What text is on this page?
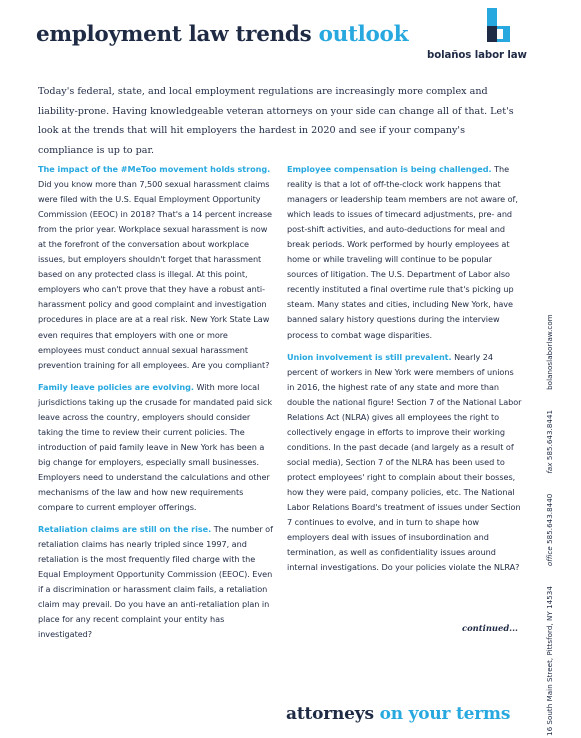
employment law trends outlook
bolaños labor law
Today's federal, state, and local employment regulations are increasingly more complex and liability-prone. Having knowledgeable veteran attorneys on your side can change all of that. Let's look at the trends that will hit employers the hardest in 2020 and see if your company's compliance is up to par.

The impact of the #MeToo movement holds strong. Did you know more than 7,500 sexual harassment claims were filed with the U.S. Equal Employment Opportunity Commission (EEOC) in 2018? That's a 14 percent increase from the prior year. Workplace sexual harassment is now at the forefront of the conversation about workplace issues, but employers shouldn't forget that harassment based on any protected class is illegal. At this point, employers who can't prove that they have a robust anti-harassment policy and good complaint and investigation procedures in place are at a real risk. New York State Law even requires that employers with one or more employees must conduct annual sexual harassment prevention training for all employees. Are you compliant?

Family leave policies are evolving. With more local jurisdictions taking up the crusade for mandated paid sick leave across the country, employers should consider taking the time to review their current policies. The introduction of paid family leave in New York has been a big change for employers, especially small businesses. Employers need to understand the calculations and other mechanisms of the law and how new requirements compare to current employer offerings.

Retaliation claims are still on the rise. The number of retaliation claims has nearly tripled since 1997, and retaliation is the most frequently filed charge with the Equal Employment Opportunity Commission (EEOC). Even if a discrimination or harassment claim fails, a retaliation claim may prevail. Do you have an anti-retaliation plan in place for any recent complaint your entity has investigated?

Employee compensation is being challenged. The reality is that a lot of off-the-clock work happens that managers or leadership team members are not aware of, which leads to issues of timecard adjustments, pre- and post-shift activities, and auto-deductions for meal and break periods. Work performed by hourly employees at home or while traveling will continue to be popular sources of litigation. The U.S. Department of Labor also recently instituted a final overtime rule that's picking up steam. Many states and cities, including New York, have banned salary history questions during the interview process to combat wage disparities.

Union involvement is still prevalent. Nearly 24 percent of workers in New York were members of unions in 2016, the highest rate of any state and more than double the national figure! Section 7 of the National Labor Relations Act (NLRA) gives all employees the right to collectively engage in efforts to improve their working conditions. In the past decade (and largely as a result of social media), Section 7 of the NLRA has been used to protect employees' right to complain about their bosses, how they were paid, company policies, etc. The National Labor Relations Board's treatment of issues under Section 7 continues to evolve, and in turn to shape how employers deal with issues of insubordination and termination, as well as confidentiality issues around internal investigations. Do your policies violate the NLRA?

continued...
attorneys on your terms	16 South Main Street, Pittsford, NY 14534office 585.643.8440fax 585.643.8441bolanoslaborlaw.com
